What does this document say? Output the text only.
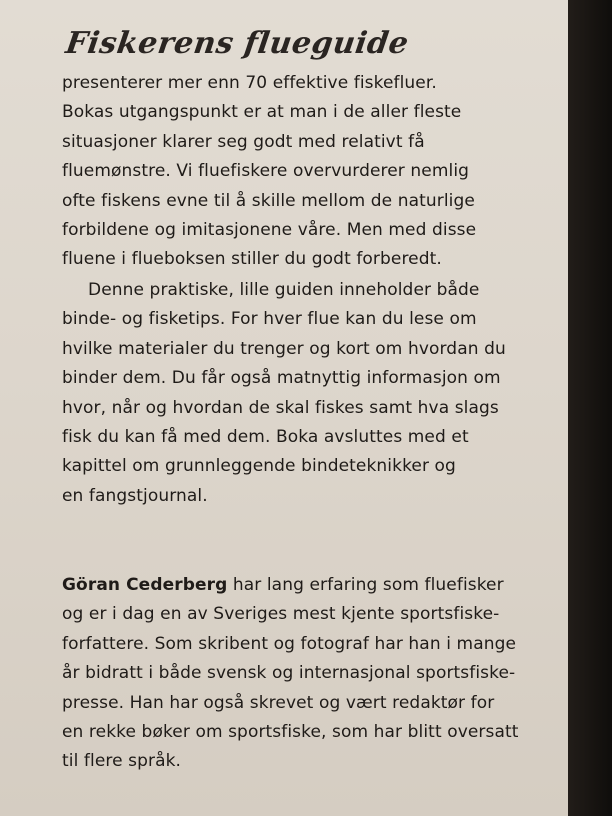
Fiskerens flueguide
presenterer mer enn 70 effektive fiskefluer.
Bokas utgangspunkt er at man i de aller fleste
situasjoner klarer seg godt med relativt få
fluemønstre. Vi fluefiskere overvurderer nemlig
ofte fiskens evne til å skille mellom de naturlige
forbildene og imitasjonene våre. Men med disse
fluene i flueboksen stiller du godt forberedt.
Denne praktiske, lille guiden inneholder både
binde- og fisketips. For hver flue kan du lese om
hvilke materialer du trenger og kort om hvordan du
binder dem. Du får også matnyttig informasjon om
hvor, når og hvordan de skal fiskes samt hva slags
fisk du kan få med dem. Boka avsluttes med et
kapittel om grunnleggende bindeteknikker og
en fangstjournal.
Göran Cederberg har lang erfaring som fluefisker
og er i dag en av Sveriges mest kjente sportsfiske-
forfattere. Som skribent og fotograf har han i mange
år bidratt i både svensk og internasjonal sportsfiske-
presse. Han har også skrevet og vært redaktør for
en rekke bøker om sportsfiske, som har blitt oversatt
til flere språk.
